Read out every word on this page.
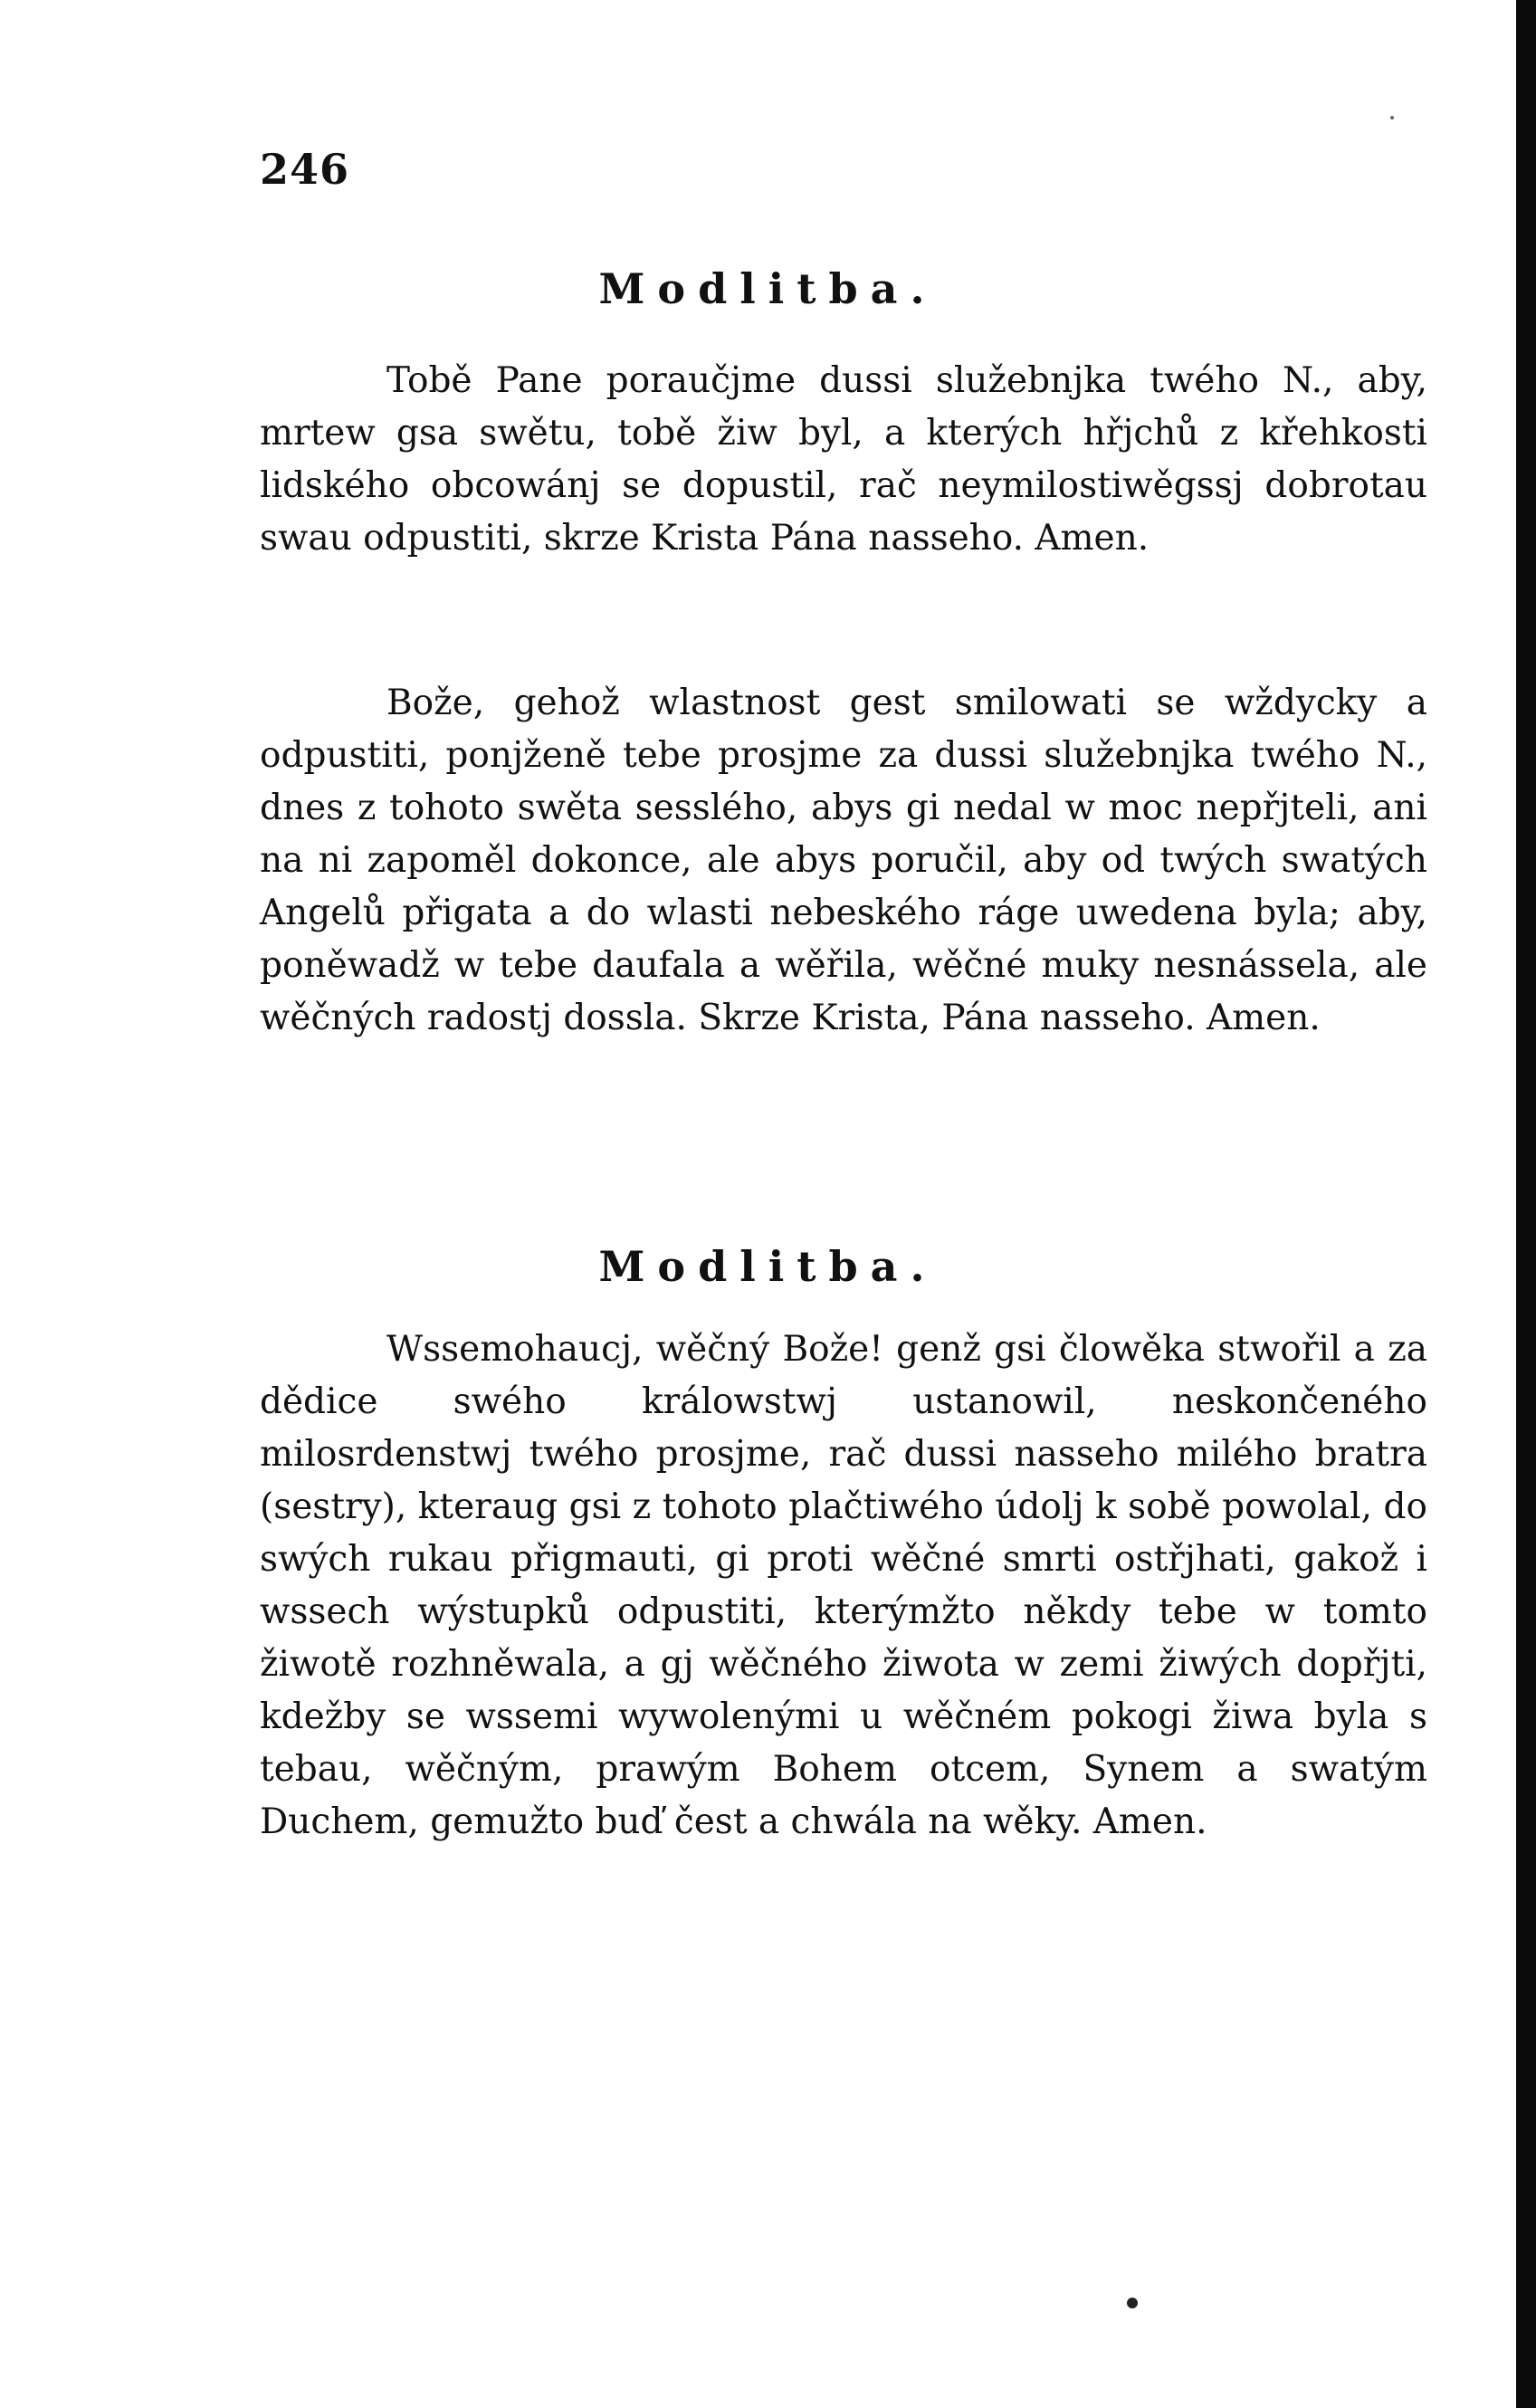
246
Modlitba.

Tobě Pane poraučjme dussi služebnjka twého N., aby, mrtew gsa swětu, tobě žiw byl, a kterých hřjchů z křehkosti lidského obcowánj se dopustil, rač neymilostiwěgssj dobrotau swau odpustiti, skrze Krista Pána nasseho. Amen.

Bože, gehož wlastnost gest smilowati se wždycky a odpustiti, ponjženě tebe prosjme za dussi služebnjka twého N., dnes z tohoto swěta sesslého, abys gi nedal w moc nepřjteli, ani na ni zapoměl dokonce, ale abys poručil, aby od twých swatých Angelů přigata a do wlasti nebeského ráge uwedena byla; aby, poněwadž w tebe daufala a wěřila, wěčné muky nesnássela, ale wěčných radostj dossla. Skrze Krista, Pána nasseho. Amen.

Modlitba.

Wssemohaucj, wěčný Bože! genž gsi člowěka stwořil a za dědice swého králowstwj ustanowil, neskončeného milosrdenstwj twého prosjme, rač dussi nasseho milého bratra (sestry), kteraug gsi z tohoto plačtiwého údolj k sobě powolal, do swých rukau přigmauti, gi proti wěčné smrti ostřjhati, gakož i wssech wýstupků odpustiti, kterýmžto někdy tebe w tomto žiwotě rozhněwala, a gj wěčného žiwota w zemi žiwých dopřjti, kdežby se wssemi wywolenými u wěčném pokogi žiwa byla s tebau, wěčným, prawým Bohem otcem, Synem a swatým Duchem, gemužto buď čest a chwála na wěky. Amen.
